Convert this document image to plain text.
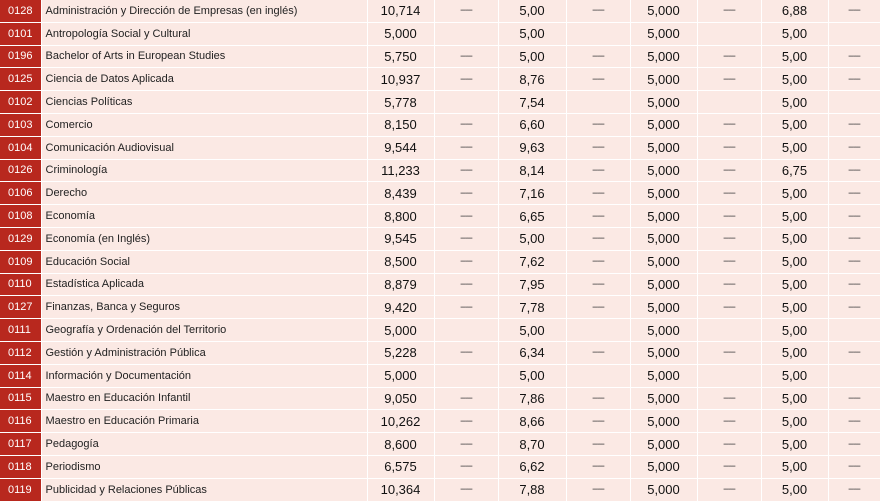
0128	Administración y Dirección de Empresas (en inglés)	10,714	-----	5,00	-----	5,000	-----	6,88	-----
0101	Antropología Social y Cultural	5,000		5,00		5,000		5,00	
0196	Bachelor of Arts in European Studies	5,750	-----	5,00	-----	5,000	-----	5,00	-----
0125	Ciencia de Datos Aplicada	10,937	-----	8,76	-----	5,000	-----	5,00	-----
0102	Ciencias Políticas	5,778		7,54		5,000		5,00	
0103	Comercio	8,150	-----	6,60	-----	5,000	-----	5,00	-----
0104	Comunicación Audiovisual	9,544	-----	9,63	-----	5,000	-----	5,00	-----
0126	Criminología	11,233	-----	8,14	-----	5,000	-----	6,75	-----
0106	Derecho	8,439	-----	7,16	-----	5,000	-----	5,00	-----
0108	Economía	8,800	-----	6,65	-----	5,000	-----	5,00	-----
0129	Economía (en Inglés)	9,545	-----	5,00	-----	5,000	-----	5,00	-----
0109	Educación Social	8,500	-----	7,62	-----	5,000	-----	5,00	-----
0110	Estadística Aplicada	8,879	-----	7,95	-----	5,000	-----	5,00	-----
0127	Finanzas, Banca y Seguros	9,420	-----	7,78	-----	5,000	-----	5,00	-----
0111	Geografía y Ordenación del Territorio	5,000		5,00		5,000		5,00	
0112	Gestión y Administración Pública	5,228	-----	6,34	-----	5,000	-----	5,00	-----
0114	Información y Documentación	5,000		5,00		5,000		5,00	
0115	Maestro en Educación Infantil	9,050	-----	7,86	-----	5,000	-----	5,00	-----
0116	Maestro en Educación Primaria	10,262	-----	8,66	-----	5,000	-----	5,00	-----
0117	Pedagogía	8,600	-----	8,70	-----	5,000	-----	5,00	-----
0118	Periodismo	6,575	-----	6,62	-----	5,000	-----	5,00	-----
0119	Publicidad y Relaciones Públicas	10,364	-----	7,88	-----	5,000	-----	5,00	-----
